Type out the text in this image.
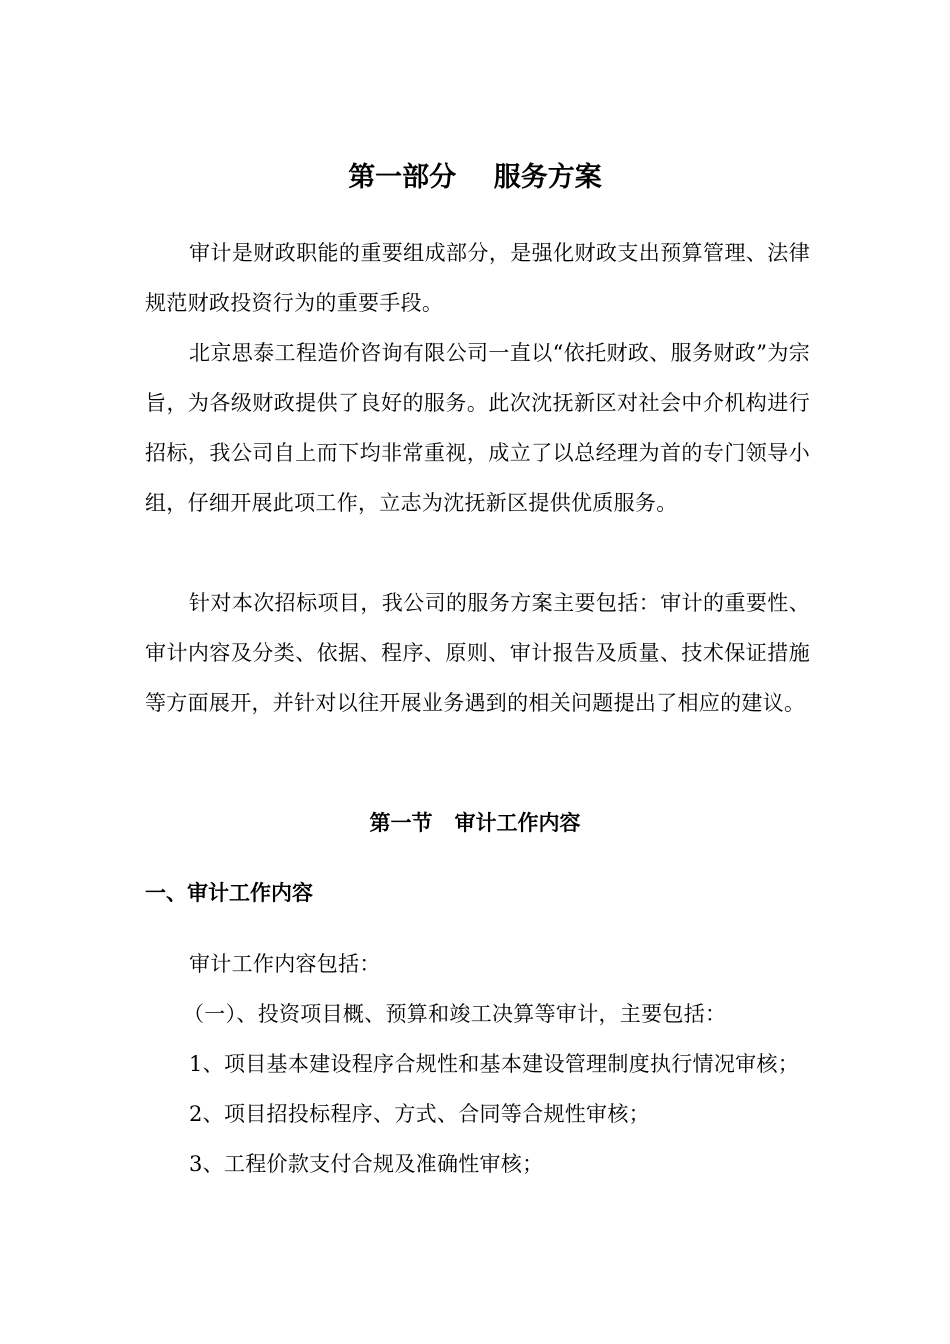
第一部分    服务方案

审计是财政职能的重要组成部分，是强化财政支出预算管理、法律规范财政投资行为的重要手段。

北京思泰工程造价咨询有限公司一直以“依托财政、服务财政”为宗旨，为各级财政提供了良好的服务。此次沈抚新区对社会中介机构进行招标，我公司自上而下均非常重视，成立了以总经理为首的专门领导小组，仔细开展此项工作，立志为沈抚新区提供优质服务。

针对本次招标项目，我公司的服务方案主要包括：审计的重要性、审计内容及分类、依据、程序、原则、审计报告及质量、技术保证措施等方面展开，并针对以往开展业务遇到的相关问题提出了相应的建议。

第一节   审计工作内容
一、审计工作内容

审计工作内容包括：

（一）、投资项目概、预算和竣工决算等审计，主要包括：

1、项目基本建设程序合规性和基本建设管理制度执行情况审核；

2、项目招投标程序、方式、合同等合规性审核；

3、工程价款支付合规及准确性审核；
